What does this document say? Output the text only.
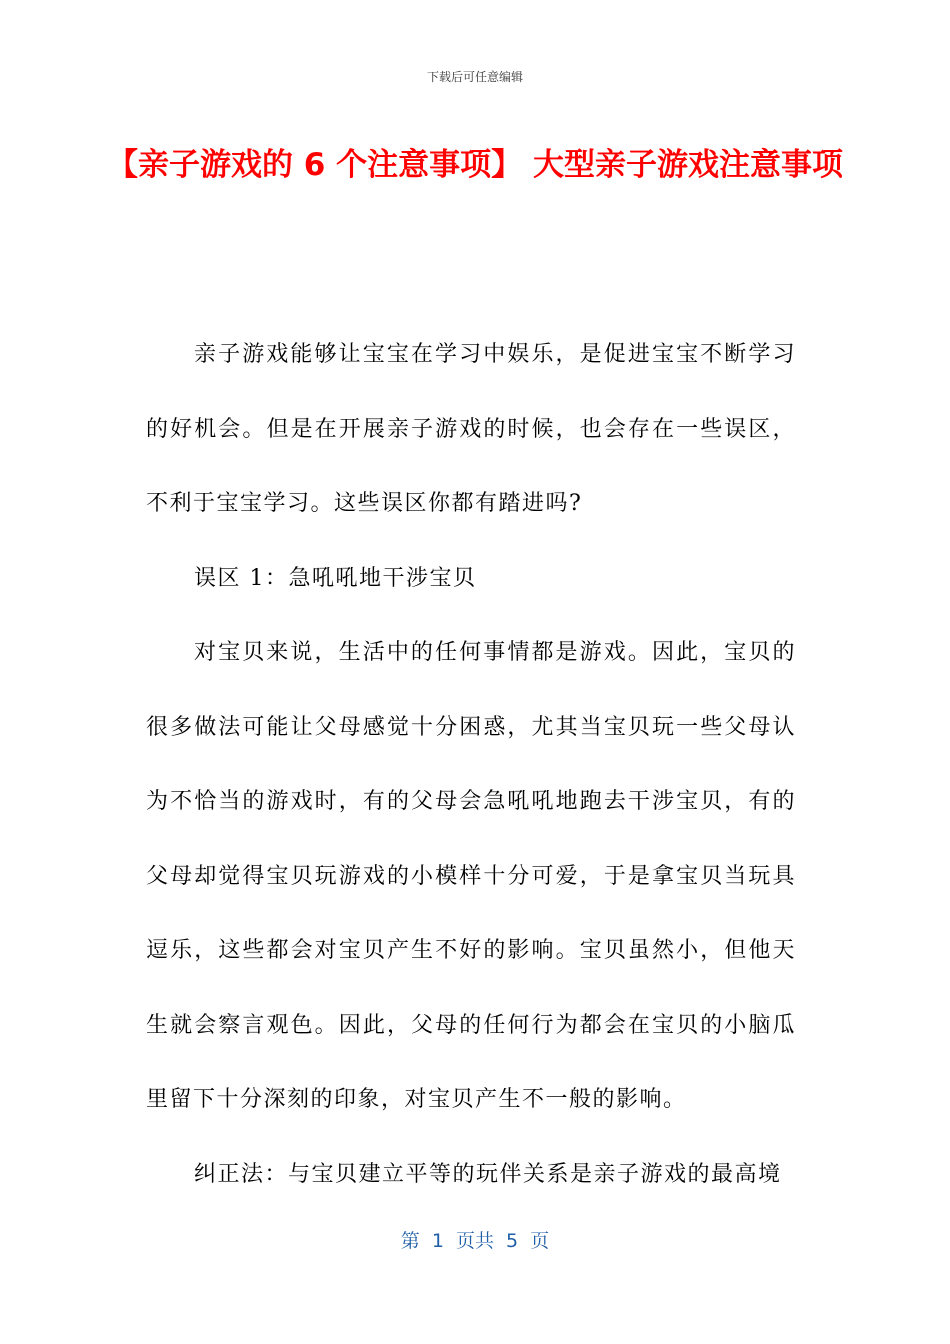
下载后可任意编辑
【亲子游戏的 6 个注意事项】 大型亲子游戏注意事项

亲子游戏能够让宝宝在学习中娱乐，是促进宝宝不断学习的好机会。但是在开展亲子游戏的时候，也会存在一些误区，不利于宝宝学习。这些误区你都有踏进吗?

误区 1：急吼吼地干涉宝贝

对宝贝来说，生活中的任何事情都是游戏。因此，宝贝的很多做法可能让父母感觉十分困惑，尤其当宝贝玩一些父母认为不恰当的游戏时，有的父母会急吼吼地跑去干涉宝贝，有的父母却觉得宝贝玩游戏的小模样十分可爱，于是拿宝贝当玩具逗乐，这些都会对宝贝产生不好的影响。宝贝虽然小，但他天生就会察言观色。因此，父母的任何行为都会在宝贝的小脑瓜里留下十分深刻的印象，对宝贝产生不一般的影响。

纠正法：与宝贝建立平等的玩伴关系是亲子游戏的最高境

第 1 页共 5 页
